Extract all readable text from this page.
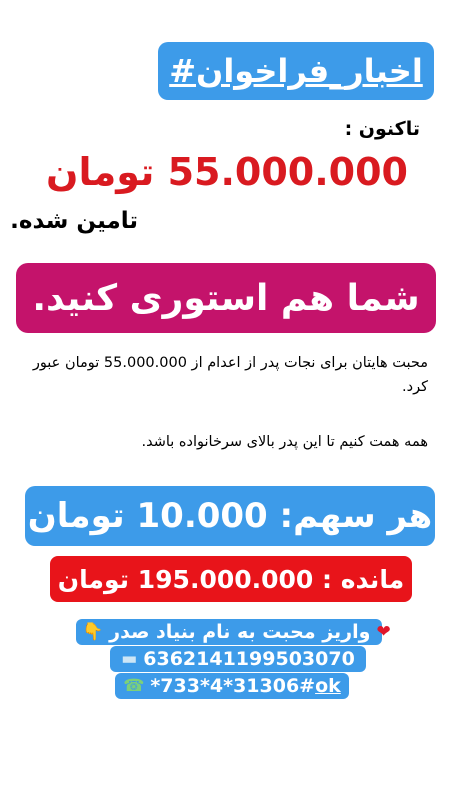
#اخبار_فراخوان
تاکنون :
55.000.000 تومان
تامین شده.
شما هم استوری کنید.
محبت هایتان برای نجات پدر از اعدام از 55.000.000 تومان عبور کرد.
همه همت کنیم تا این پدر بالای سرخانواده باشد.
هر سهم: 10.000 تومان
مانده : 195.000.000 تومان
👇 واریز محبت به نام بنیاد صدر ❤
▬ 6362141199503070
☎ *733*4*31306#ok
